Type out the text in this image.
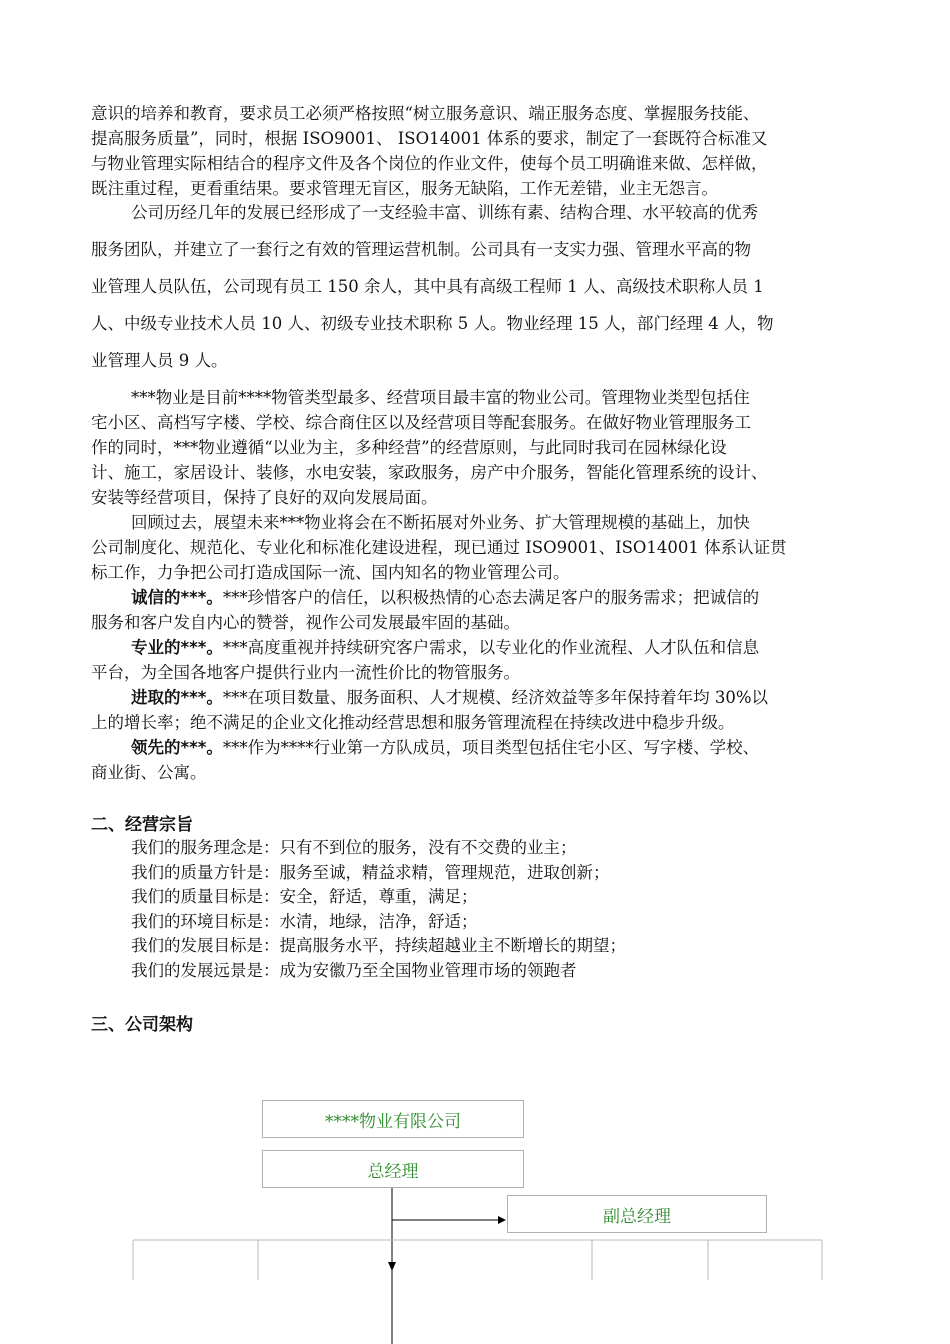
意识的培养和教育，要求员工必须严格按照“树立服务意识、端正服务态度、掌握服务技能、
提高服务质量”，同时，根据 ISO9001、 ISO14001 体系的要求，制定了一套既符合标准又
与物业管理实际相结合的程序文件及各个岗位的作业文件，使每个员工明确谁来做、怎样做，
既注重过程，更看重结果。要求管理无盲区，服务无缺陷，工作无差错，业主无怨言。

公司历经几年的发展已经形成了一支经验丰富、训练有素、结构合理、水平较高的优秀
服务团队，并建立了一套行之有效的管理运营机制。公司具有一支实力强、管理水平高的物
业管理人员队伍，公司现有员工 150 余人，其中具有高级工程师 1 人、高级技术职称人员 1
人、中级专业技术人员 10 人、初级专业技术职称 5 人。物业经理 15 人，部门经理 4 人，物
业管理人员 9 人。

***物业是目前****物管类型最多、经营项目最丰富的物业公司。管理物业类型包括住
宅小区、高档写字楼、学校、综合商住区以及经营项目等配套服务。在做好物业管理服务工
作的同时，***物业遵循“以业为主，多种经营”的经营原则，与此同时我司在园林绿化设
计、施工，家居设计、装修，水电安装，家政服务，房产中介服务，智能化管理系统的设计、
安装等经营项目，保持了良好的双向发展局面。

回顾过去，展望未来***物业将会在不断拓展对外业务、扩大管理规模的基础上，加快
公司制度化、规范化、专业化和标准化建设进程，现已通过 ISO9001、ISO14001 体系认证贯
标工作，力争把公司打造成国际一流、国内知名的物业管理公司。

诚信的***。***珍惜客户的信任，以积极热情的心态去满足客户的服务需求；把诚信的
服务和客户发自内心的赞誉，视作公司发展最牢固的基础。
专业的***。***高度重视并持续研究客户需求，以专业化的作业流程、人才队伍和信息
平台，为全国各地客户提供行业内一流性价比的物管服务。
进取的***。***在项目数量、服务面积、人才规模、经济效益等多年保持着年均 30%以
上的增长率；绝不满足的企业文化推动经营思想和服务管理流程在持续改进中稳步升级。
领先的***。***作为****行业第一方队成员，项目类型包括住宅小区、写字楼、学校、
商业街、公寓。

二、经营宗旨

我们的服务理念是：只有不到位的服务，没有不交费的业主；
我们的质量方针是：服务至诚，精益求精，管理规范，进取创新；
我们的质量目标是：安全，舒适，尊重，满足；
我们的环境目标是：水清，地绿，洁净，舒适；
我们的发展目标是：提高服务水平，持续超越业主不断增长的期望；
我们的发展远景是：成为安徽乃至全国物业管理市场的领跑者

三、公司架构
****物业有限公司
总经理
副总经理
